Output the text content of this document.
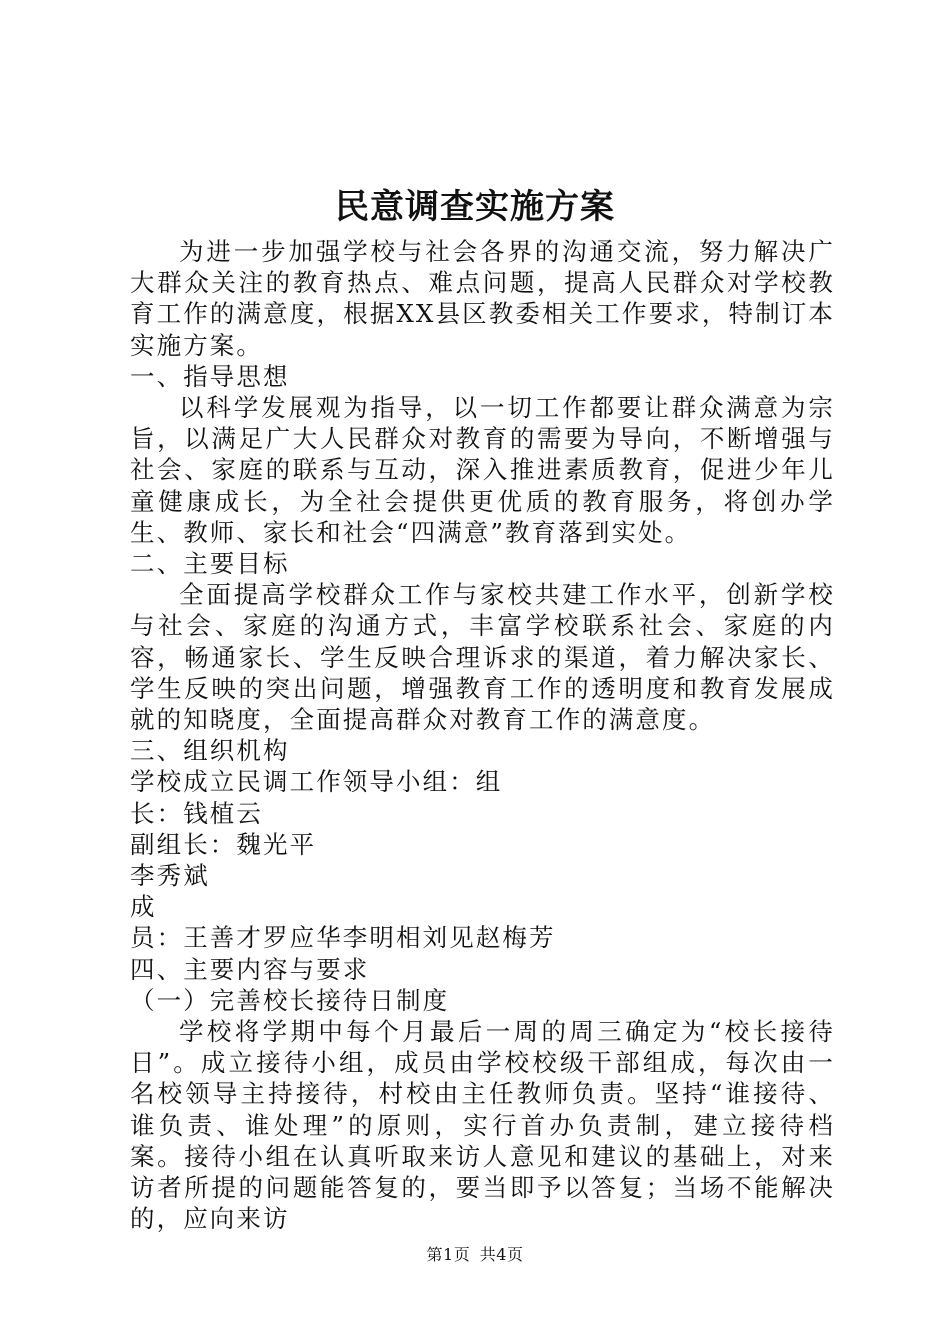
民意调查实施方案

为进一步加强学校与社会各界的沟通交流，努力解决广大群众关注的教育热点、难点问题，提高人民群众对学校教育工作的满意度，根据XX县区教委相关工作要求，特制订本实施方案。

一、指导思想

以科学发展观为指导，以一切工作都要让群众满意为宗旨，以满足广大人民群众对教育的需要为导向，不断增强与社会、家庭的联系与互动，深入推进素质教育，促进少年儿童健康成长，为全社会提供更优质的教育服务，将创办学生、教师、家长和社会“四满意”教育落到实处。

二、主要目标

全面提高学校群众工作与家校共建工作水平，创新学校与社会、家庭的沟通方式，丰富学校联系社会、家庭的内容，畅通家长、学生反映合理诉求的渠道，着力解决家长、学生反映的突出问题，增强教育工作的透明度和教育发展成就的知晓度，全面提高群众对教育工作的满意度。

三、组织机构

学校成立民调工作领导小组：组

长：钱植云

副组长：魏光平

李秀斌

成

员：王善才罗应华李明相刘见赵梅芳

四、主要内容与要求

（一）完善校长接待日制度

学校将学期中每个月最后一周的周三确定为“校长接待日”。成立接待小组，成员由学校校级干部组成，每次由一名校领导主持接待，村校由主任教师负责。坚持“谁接待、谁负责、谁处理”的原则，实行首办负责制，建立接待档案。接待小组在认真听取来访人意见和建议的基础上，对来访者所提的问题能答复的，要当即予以答复；当场不能解决的，应向来访

第1页 共4页
